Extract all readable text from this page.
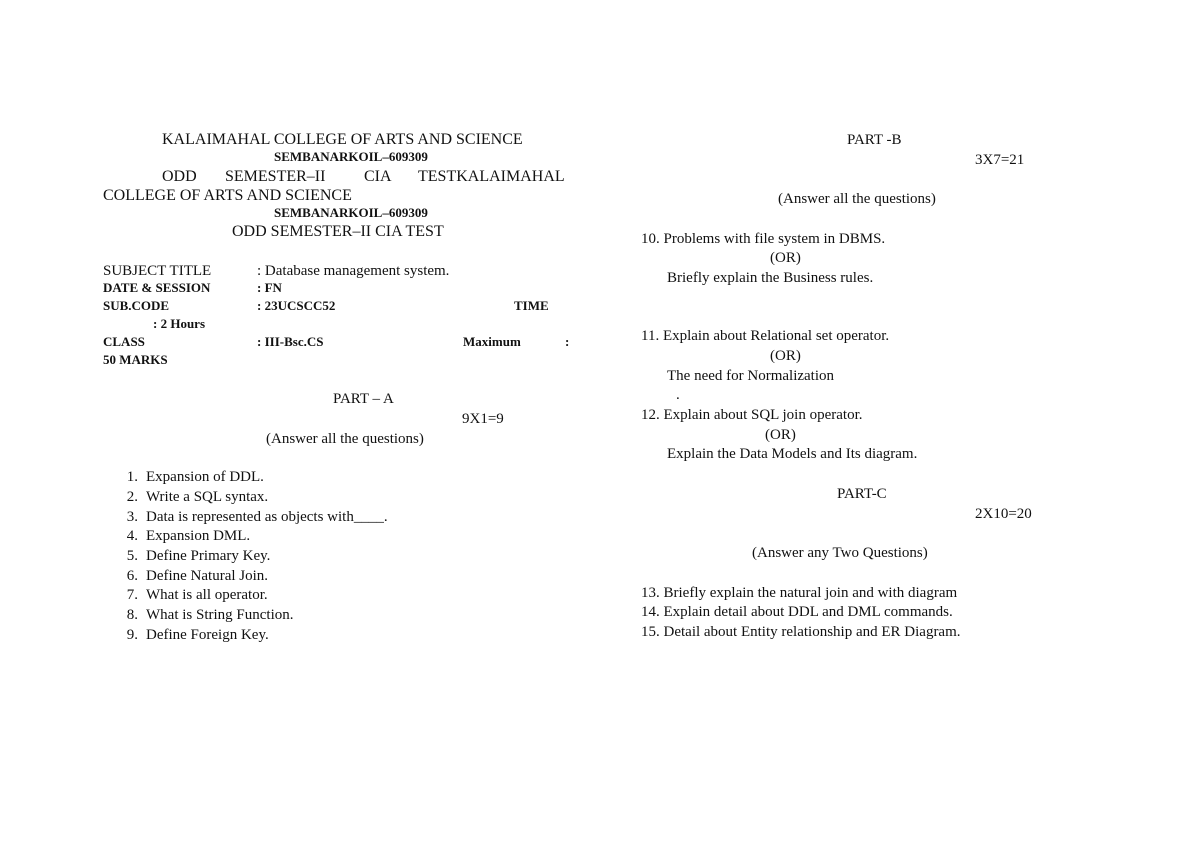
KALAIMAHAL COLLEGE OF ARTS AND SCIENCE
SEMBANARKOIL–609309
ODD SEMESTER–II CIA TESTKALAIMAHAL
COLLEGE OF ARTS AND SCIENCE
SEMBANARKOIL–609309
ODD SEMESTER–II CIA TEST
SUBJECT TITLE	: Database management system.
DATE & SESSION	: FN
SUB.CODE	: 23UCSCC52	TIME
: 2 Hours
CLASS	: III-Bsc.CS	Maximum	:
50 MARKS
PART – A
9X1=9
(Answer all the questions)
1. Expansion of DDL.
2. Write a SQL syntax.
3. Data is represented as objects with____.
4. Expansion DML.
5. Define Primary Key.
6. Define Natural Join.
7. What is all operator.
8. What is String Function.
9. Define Foreign Key.
PART -B
3X7=21
(Answer all the questions)
10. Problems with file system in DBMS.
(OR)
Briefly explain the Business rules.
11. Explain about Relational set operator.
(OR)
The need for Normalization
.
12. Explain about SQL join operator.
(OR)
Explain the Data Models and Its diagram.
PART-C
2X10=20
(Answer any Two Questions)
13. Briefly explain the natural join and with diagram
14. Explain detail about DDL and DML commands.
15. Detail about Entity relationship and ER Diagram.
